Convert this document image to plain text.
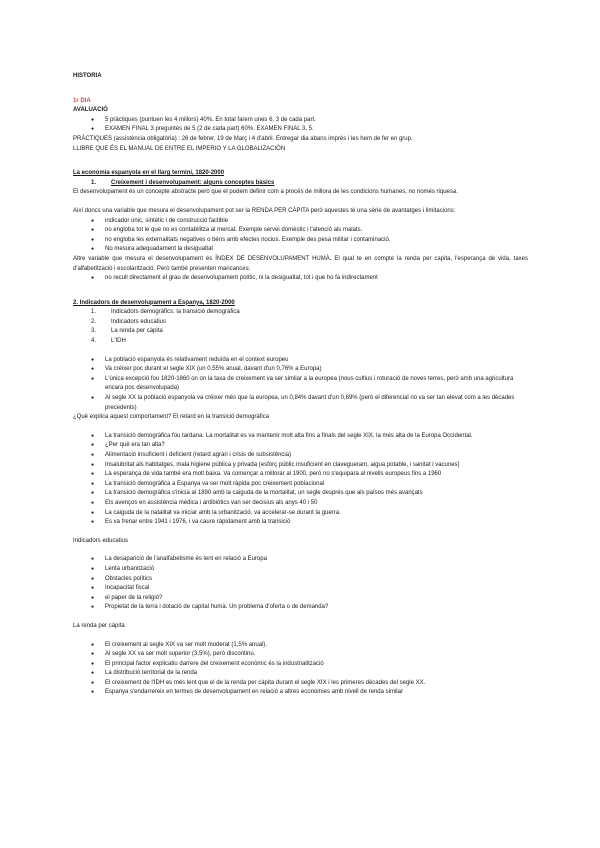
HISTORIA

1r DIA

AVALUACIÓ

● 5 pràctiques (puntuen les 4 millors) 40%. En total farem unes 6, 3 de cada part.
● EXAMEN FINAL 3 preguntes de 5 (2 de cada part) 60%. EXAMEN FINAL 3, 5.

PRÀCTIQUES (assistència obligatòria) : 26 de febrer, 19 de Març i 4 d'abril. Entregar dia abans imprès i les hem de fer en grup.

LLIBRE QUE ÉS EL MANUAL DE ENTRE EL IMPERIO Y LA GLOBALIZACIÓN

La economía espanyola en el llarg termini, 1820-2000

1. Creixement i desenvolupament: alguns conceptes bàsics

El desenvolupament és un concepte abstracte però que el podem definir com a procés de millora de les condicions humanes, no només riquesa.

Així doncs una variable que mesura el desenvolupament pot ser la RENDA PER CÀPITA però aquestes té una sèrie de avantatges i limitacions:

● indicador únic, sintètic i de construcció factible
● no engloba tot le que no es contabilitza al mercat. Exemple servei domèstic i l'atenció als malats.
● no engloba les externalitats negatives o béns amb efectes nocius. Exemple des pesa militar i contaminació.
● No mesura adequadament la desigualtat

Altre variable que mesura el desenvolupament és ÍNDEX DE DESENVOLUPAMENT HUMÀ. El qual te en compte la renda per capita, l'esperança de vida, taxes d'alfabetització i escolarització. Però també presenten mancances:

● no recull directament el grau de desenvolupament polític, ni la desigualtat, tot i que ho fa indirectament

2. Indicadors de desenvolupament a Espanya, 1820-2000

1. Indicadors demogràfics: la transició demogràfica
2. Indicadors educatius
3. La renda per càpita
4. L'IDH
● La població espanyola és relativament reduïda en el context europeu
● Va créixer poc durant el segle XIX (un 0,55% anual, davant d'un 0,76% a Europa)
● L'única excepció fou 1820-1860 on on la taxa de creixement va ser similar a la europea (nous cultius i roturació de noves terres, però amb una agricultura encara poc desenvolupada)
● Al segle XX la població espanyola va créixer més que la europea, un 0,84% davant d'un 0,69% (però el diferencial no va ser tan elevat com a les dècades precedents)

¿Què explica aquest comportament? El retard en la transició demogràfica

● La transició demogràfica fou tardana. La mortalitat es va mantenir molt alta fins a finals del segle XIX, la més alta de la Europa Occidental.
● ¿Per què era tan alta?
● Alimentació insuficient i deficient (retard agrari i crisis de subsistència)
● Insalubritat als habitatges, mala higiene pública y privada (esforç públic insuficient en clavegueram, aigua potable, i sanitat i vacunes)
● La esperança de vida també era molt baixa. Va començar a millorar al 1900, però no s'equipara al nivells europeus fins a 1960
● La transició demogràfica a Espanya va ser molt ràpida poc creixement poblacional
● La transició demogràfica s'inicia al 1890 amb la caiguda de la mortalitat, un segle després que als països més avançats
● Els avenços en assistència mèdica i antibiòtics van ser decisius als anys 40 i 50
● La caiguda de la natalitat va iniciar amb la urbanització, va accelerar-se durant la guerra.
● Es va frenar entre 1941 i 1976, i va caure ràpidament amb la transició

Indicadors educatius

● La desaparició de l'analfabetisme és lent en relació a Europa
● Lenta urbanització
● Obstacles polítics
● Incapacitat fiscal
● el paper de la religió?
● Propietat de la terra i dotació de capital humà. Un problema d'oferta o de demanda?

La renda per càpita

● El creixement al segle XIX va ser molt moderat (1,5% anual).
● Al segle XX va ser molt superior (3,5%), però discontinu.
● El principal factor explicatiu darrere del creixement econòmic és la industrialització
● La distribució territorial de la renda
● El creixement de l'IDH es més lent que el de la renda per càpita durant el segle XIX i les primeres dècades del segle XX.
● Espanya s'endarrereix en termes de desenvolupament en relació a altres economies amb nivell de renda similar
